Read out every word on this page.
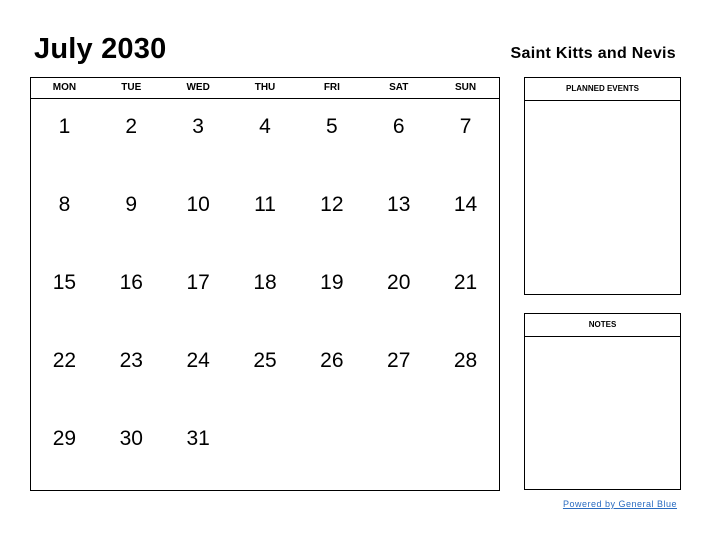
July 2030	Saint Kitts and Nevis
MON	TUE	WED	THU	FRI	SAT	SUN
1	2	3	4	5	6	7
8	9	10	11	12	13	14
15	16	17	18	19	20	21
22	23	24	25	26	27	28
29	30	31
PLANNED EVENTS
NOTES
Powered by General Blue
